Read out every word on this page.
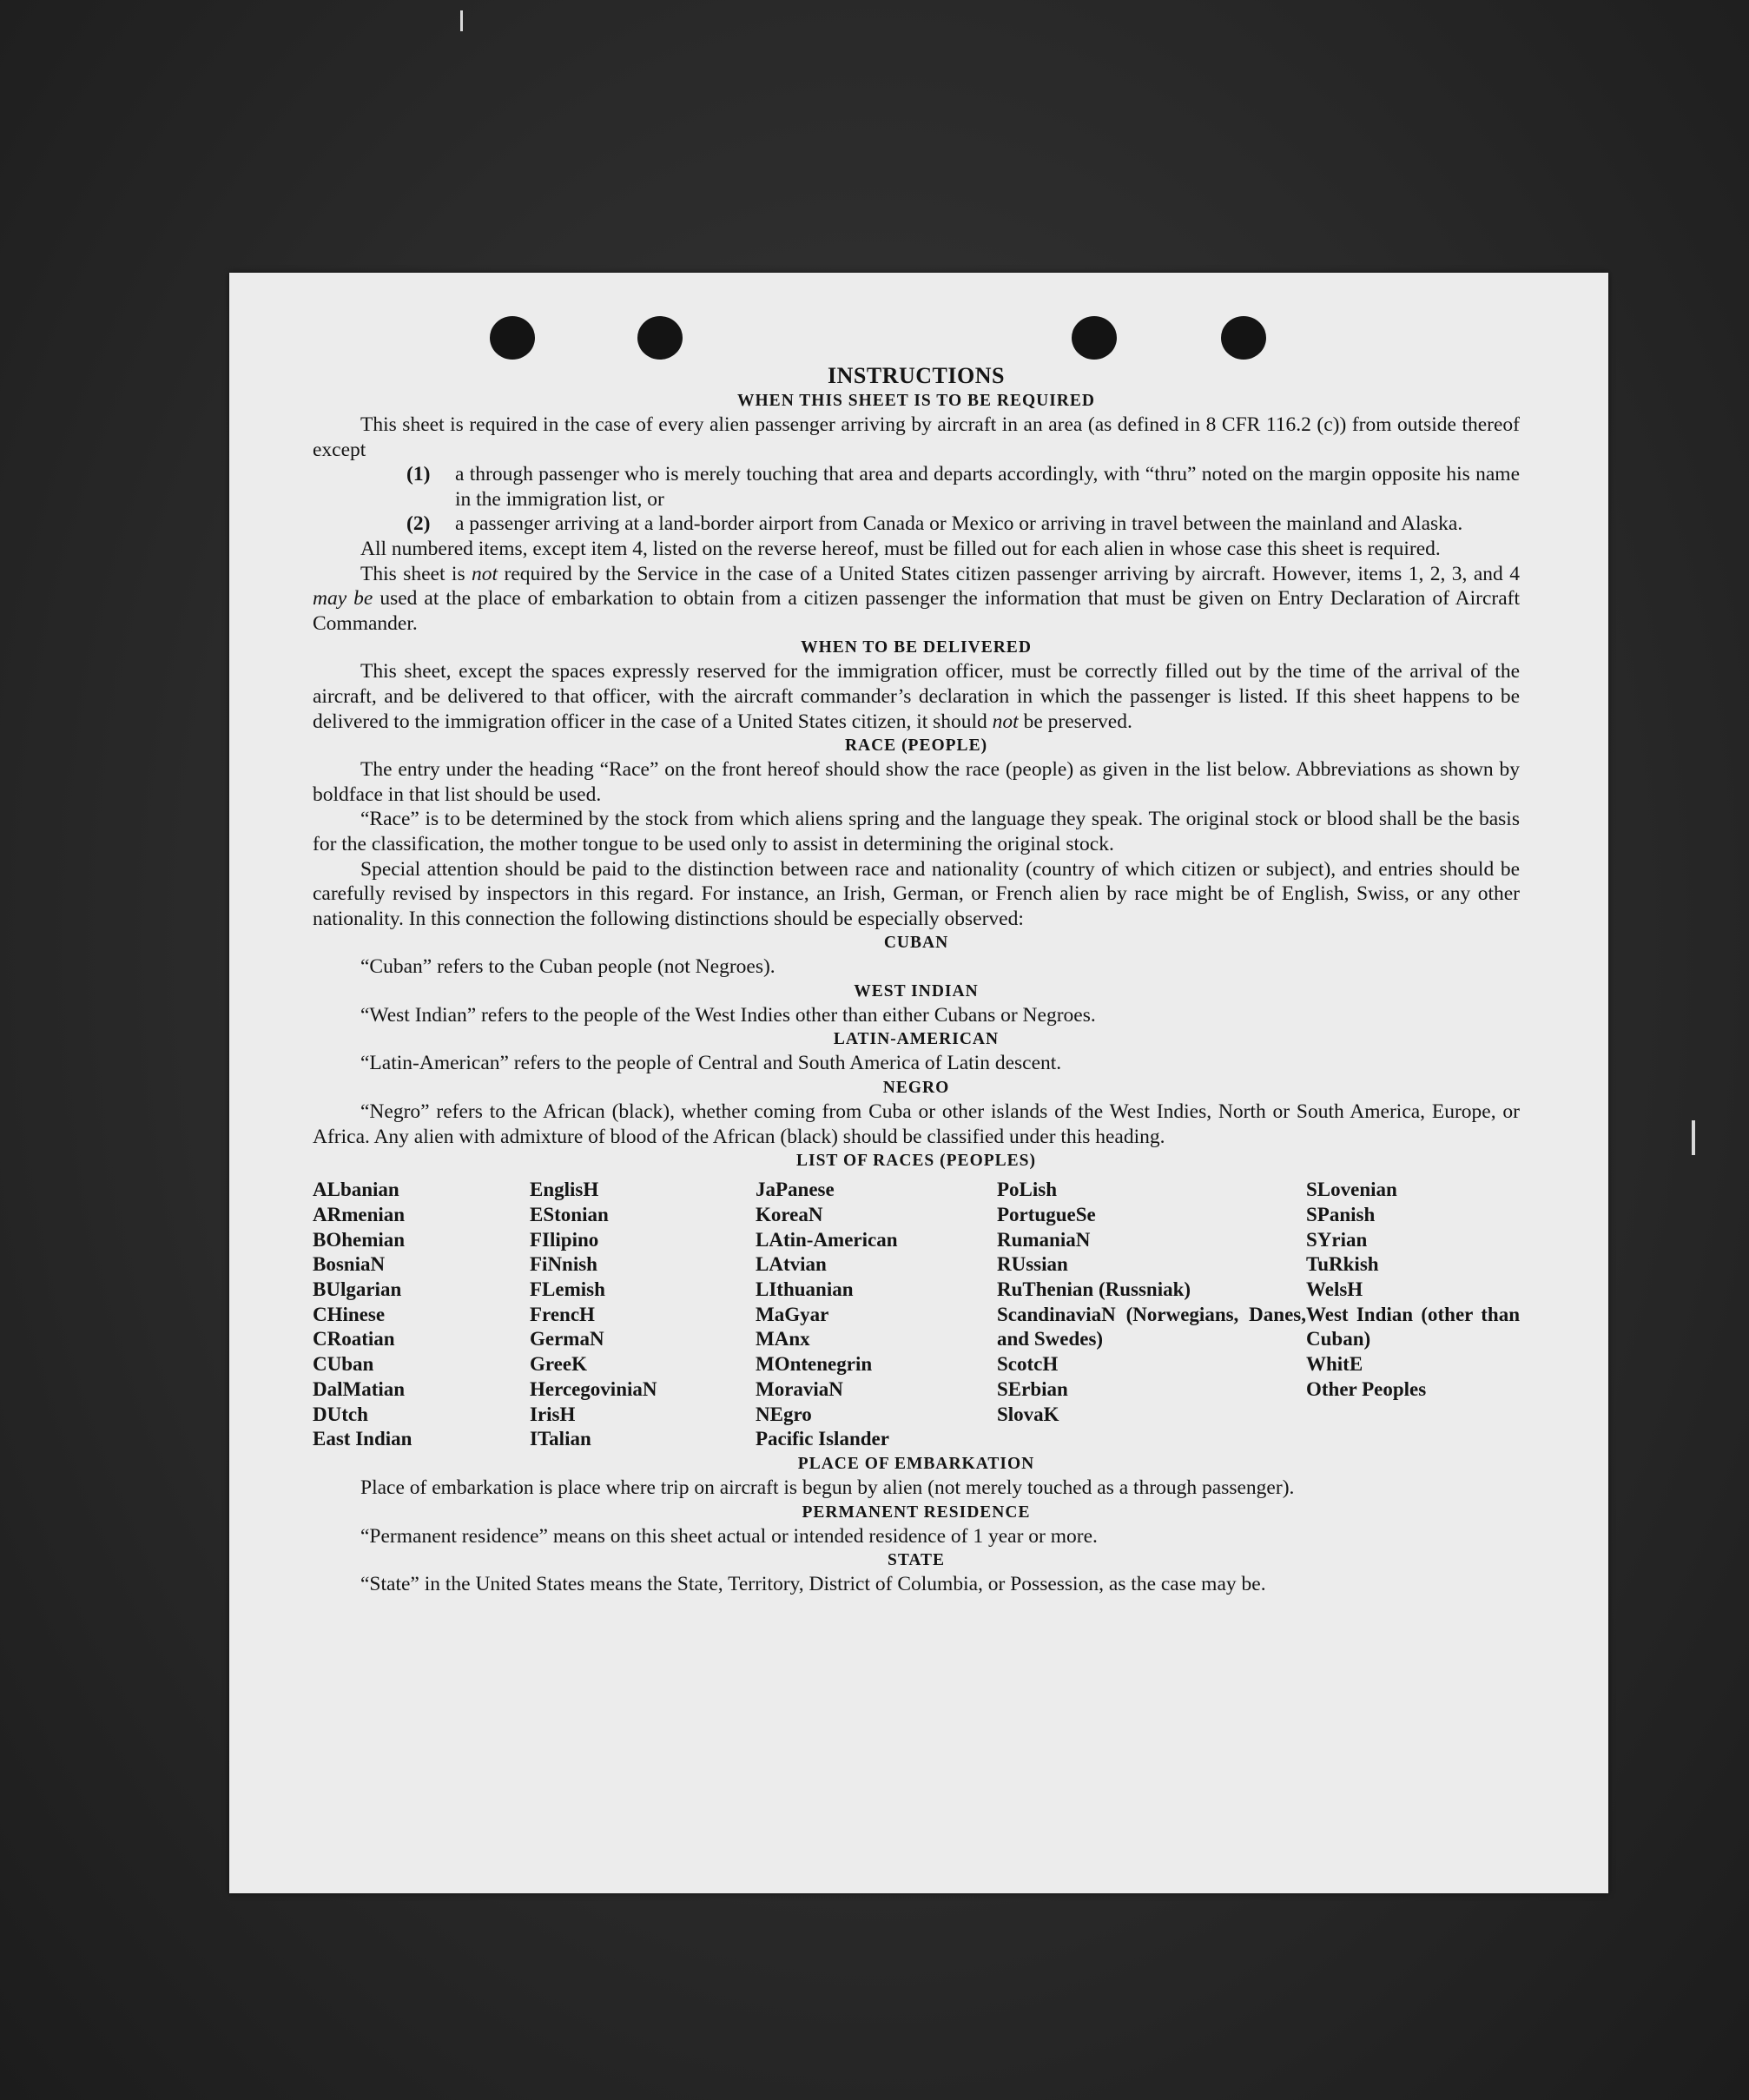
INSTRUCTIONS

WHEN THIS SHEET IS TO BE REQUIRED

This sheet is required in the case of every alien passenger arriving by aircraft in an area (as defined in 8 CFR 116.2 (c)) from outside thereof except

(1)	a through passenger who is merely touching that area and departs accordingly, with “thru” noted on the margin opposite his name in the immigration list, or
(2)	a passenger arriving at a land-border airport from Canada or Mexico or arriving in travel between the mainland and Alaska.

All numbered items, except item 4, listed on the reverse hereof, must be filled out for each alien in whose case this sheet is required.

This sheet is not required by the Service in the case of a United States citizen passenger arriving by aircraft. However, items 1, 2, 3, and 4 may be used at the place of embarkation to obtain from a citizen passenger the information that must be given on Entry Declaration of Aircraft Commander.

WHEN TO BE DELIVERED

This sheet, except the spaces expressly reserved for the immigration officer, must be correctly filled out by the time of the arrival of the aircraft, and be delivered to that officer, with the aircraft commander’s declaration in which the passenger is listed. If this sheet happens to be delivered to the immigration officer in the case of a United States citizen, it should not be preserved.

RACE (PEOPLE)

The entry under the heading “Race” on the front hereof should show the race (people) as given in the list below. Abbreviations as shown by boldface in that list should be used.

“Race” is to be determined by the stock from which aliens spring and the language they speak. The original stock or blood shall be the basis for the classification, the mother tongue to be used only to assist in determining the original stock.

Special attention should be paid to the distinction between race and nationality (country of which citizen or subject), and entries should be carefully revised by inspectors in this regard. For instance, an Irish, German, or French alien by race might be of English, Swiss, or any other nationality. In this connection the following distinctions should be especially observed:

CUBAN

“Cuban” refers to the Cuban people (not Negroes).

WEST INDIAN

“West Indian” refers to the people of the West Indies other than either Cubans or Negroes.

LATIN-AMERICAN

“Latin-American” refers to the people of Central and South America of Latin descent.

NEGRO

“Negro” refers to the African (black), whether coming from Cuba or other islands of the West Indies, North or South America, Europe, or Africa. Any alien with admixture of blood of the African (black) should be classified under this heading.

LIST OF RACES (PEOPLES)

ALbanian
ARmenian
BOhemian
BosniaN
BUlgarian
CHinese
CRoatian
CUban
DalMatian
DUtch
East Indian
EnglisH
EStonian
FIlipino
FiNnish
FLemish
FrencH
GermaN
GreeK
HercegoviniaN
IrisH
ITalian
JaPanese
KoreaN
LAtin-American
LAtvian
LIthuanian
MaGyar
MAnx
MOntenegrin
MoraviaN
NEgro
Pacific Islander
PoLish
PortugueSe
RumaniaN
RUssian
RuThenian (Russniak)
ScandinaviaN (Norwegians, Danes, and Swedes)
ScotcH
SErbian
SlovaK
SLovenian
SPanish
SYrian
TuRkish
WelsH
West Indian (other than Cuban)
WhitE
Other Peoples

PLACE OF EMBARKATION

Place of embarkation is place where trip on aircraft is begun by alien (not merely touched as a through passenger).

PERMANENT RESIDENCE

“Permanent residence” means on this sheet actual or intended residence of 1 year or more.

STATE

“State” in the United States means the State, Territory, District of Columbia, or Possession, as the case may be.
